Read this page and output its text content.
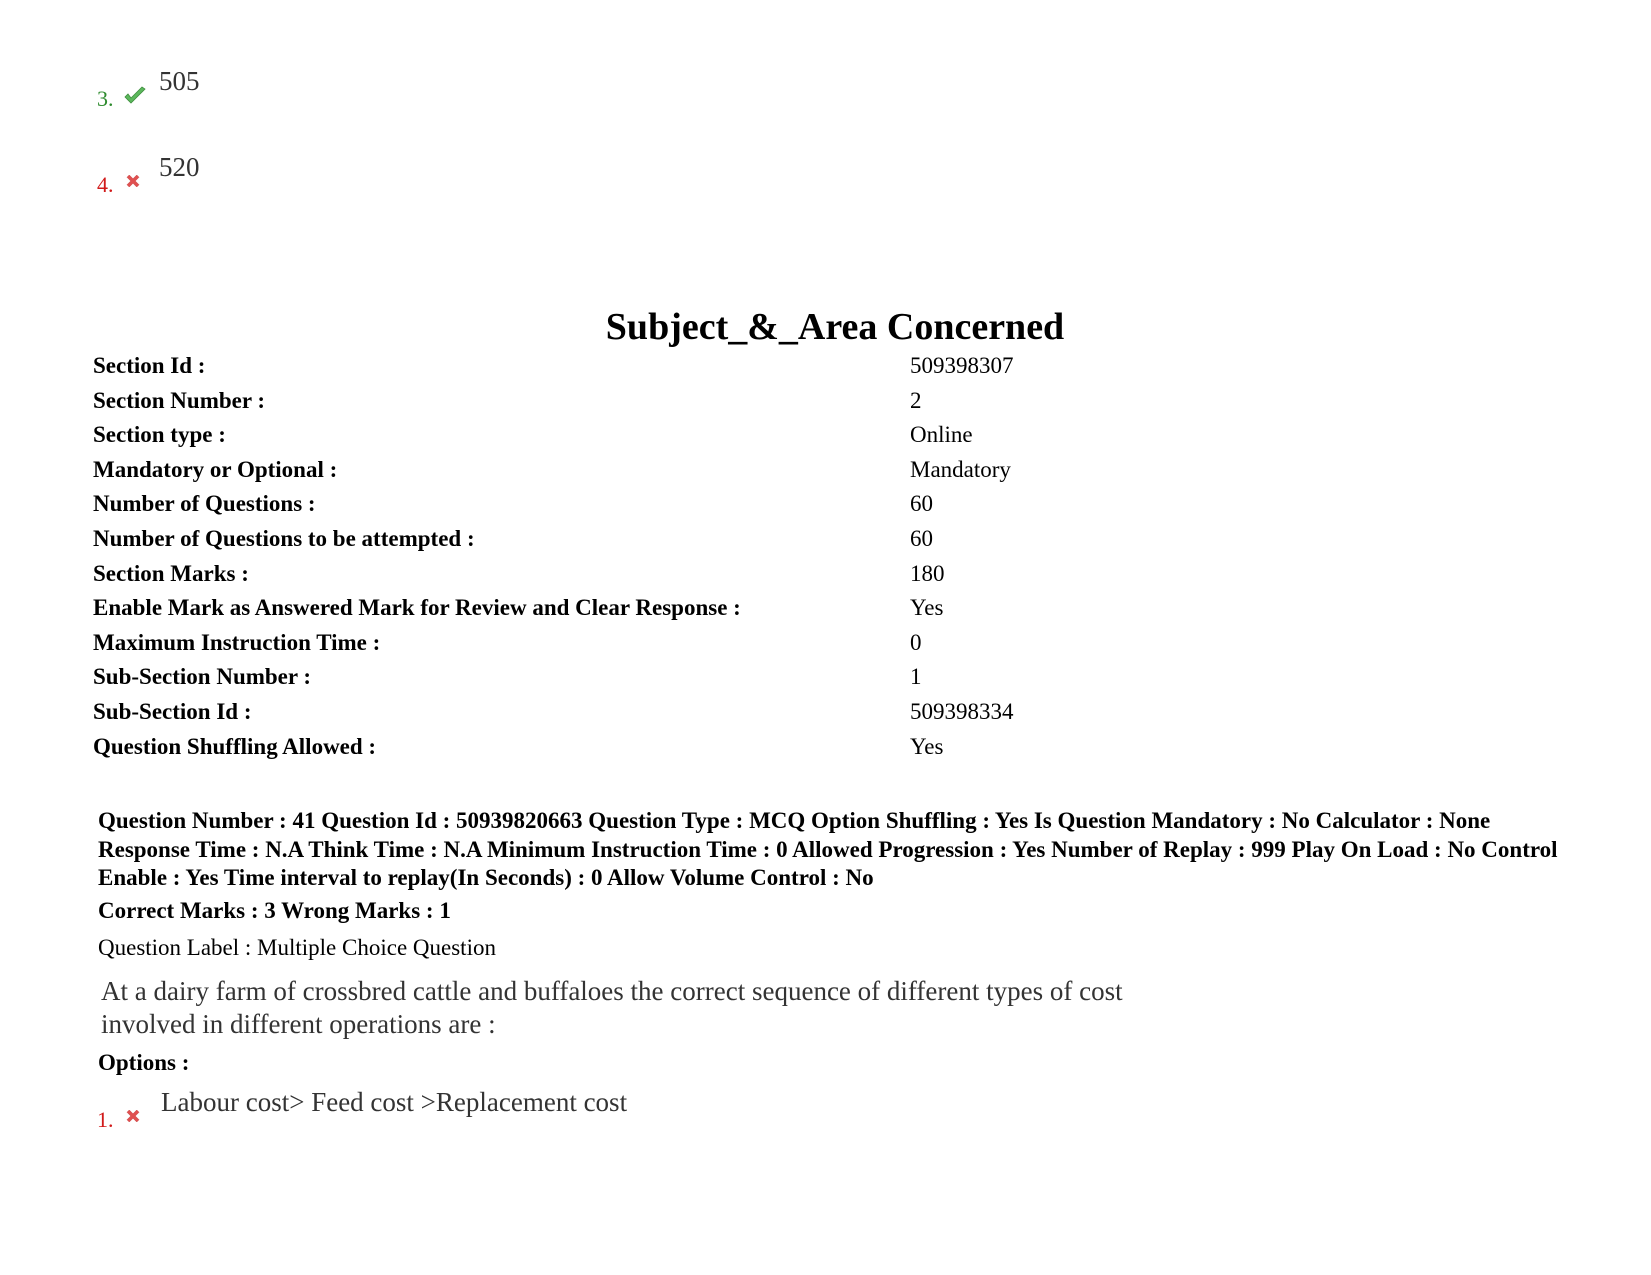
3.
505
4.
520
Subject_&_Area Concerned
Section Id :	509398307
Section Number :	2
Section type :	Online
Mandatory or Optional :	Mandatory
Number of Questions :	60
Number of Questions to be attempted :	60
Section Marks :	180
Enable Mark as Answered Mark for Review and Clear Response :	Yes
Maximum Instruction Time :	0
Sub-Section Number :	1
Sub-Section Id :	509398334
Question Shuffling Allowed :	Yes
Question Number : 41 Question Id : 50939820663 Question Type : MCQ Option Shuffling : Yes Is Question Mandatory : No Calculator : None Response Time : N.A Think Time : N.A Minimum Instruction Time : 0 Allowed Progression : Yes Number of Replay : 999 Play On Load : No Control Enable : Yes Time interval to replay(In Seconds) : 0 Allow Volume Control : No
Correct Marks : 3 Wrong Marks : 1
Question Label : Multiple Choice Question
At a dairy farm of crossbred cattle and buffaloes the correct sequence of different types of cost involved in different operations are :
Options :
1.
Labour cost> Feed cost >Replacement cost
